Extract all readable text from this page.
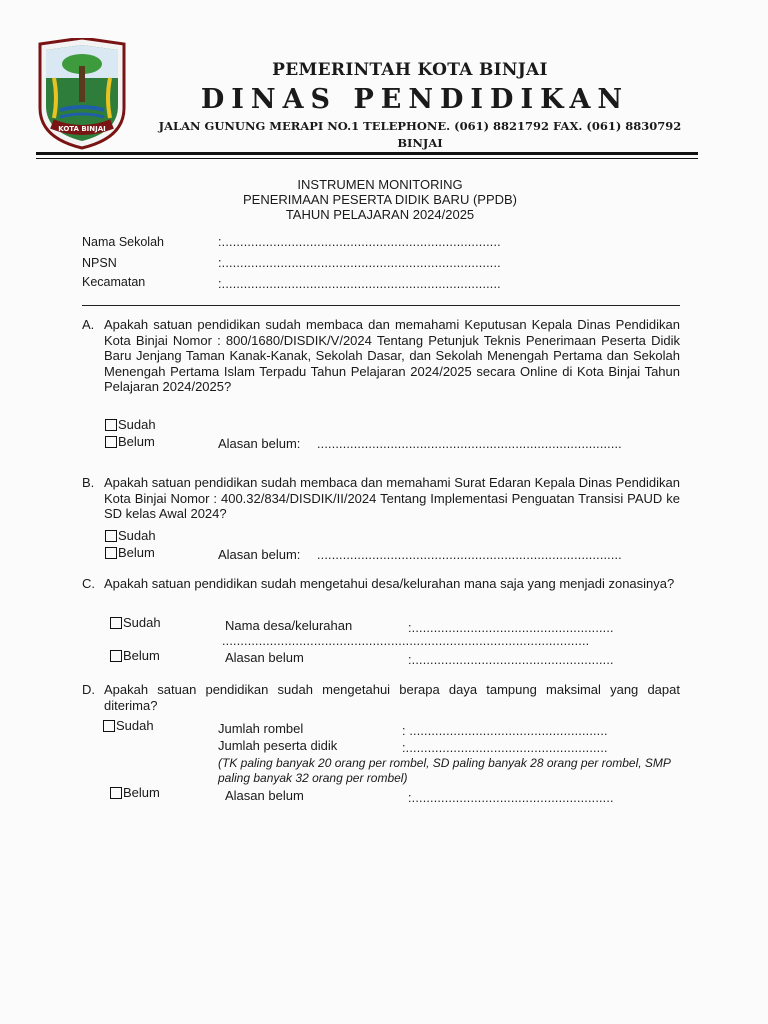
KOTA BINJAI
PEMERINTAH KOTA BINJAI
DINAS PENDIDIKAN
JALAN GUNUNG MERAPI NO.1 TELEPHONE. (061) 8821792 FAX. (061) 8830792
BINJAI
INSTRUMEN MONITORING
PENERIMAAN PESERTA DIDIK BARU (PPDB)
TAHUN PELAJARAN 2024/2025
Nama Sekolah	:............................................................................
NPSN	:............................................................................
Kecamatan	:............................................................................
A. Apakah satuan pendidikan sudah membaca dan memahami Keputusan Kepala Dinas Pendidikan Kota Binjai Nomor : 800/1680/DISDIK/V/2024 Tentang Petunjuk Teknis Penerimaan Peserta Didik Baru Jenjang Taman Kanak-Kanak, Sekolah Dasar, dan Sekolah Menengah Pertama dan Sekolah Menengah Pertama Islam Terpadu Tahun Pelajaran 2024/2025 secara Online di Kota Binjai Tahun Pelajaran 2024/2025?
Sudah
Belum	Alasan belum: ...................................................................................
B. Apakah satuan pendidikan sudah membaca dan memahami Surat Edaran Kepala Dinas Pendidikan Kota Binjai Nomor : 400.32/834/DISDIK/II/2024 Tentang Implementasi Penguatan Transisi PAUD ke SD kelas Awal 2024?
Sudah
Belum	Alasan belum: ...................................................................................
C. Apakah satuan pendidikan sudah mengetahui desa/kelurahan mana saja yang menjadi zonasinya?
Sudah	Nama desa/kelurahan	:.......................................................
....................................................................................................
Belum	Alasan belum	:.......................................................
D. Apakah satuan pendidikan sudah mengetahui berapa daya tampung maksimal yang dapat diterima?
Sudah	Jumlah rombel	: ......................................................
Jumlah peserta didik	:.......................................................
(TK paling banyak 20 orang per rombel, SD paling banyak 28 orang per rombel, SMP paling banyak 32 orang per rombel)
Belum	Alasan belum	:.......................................................
